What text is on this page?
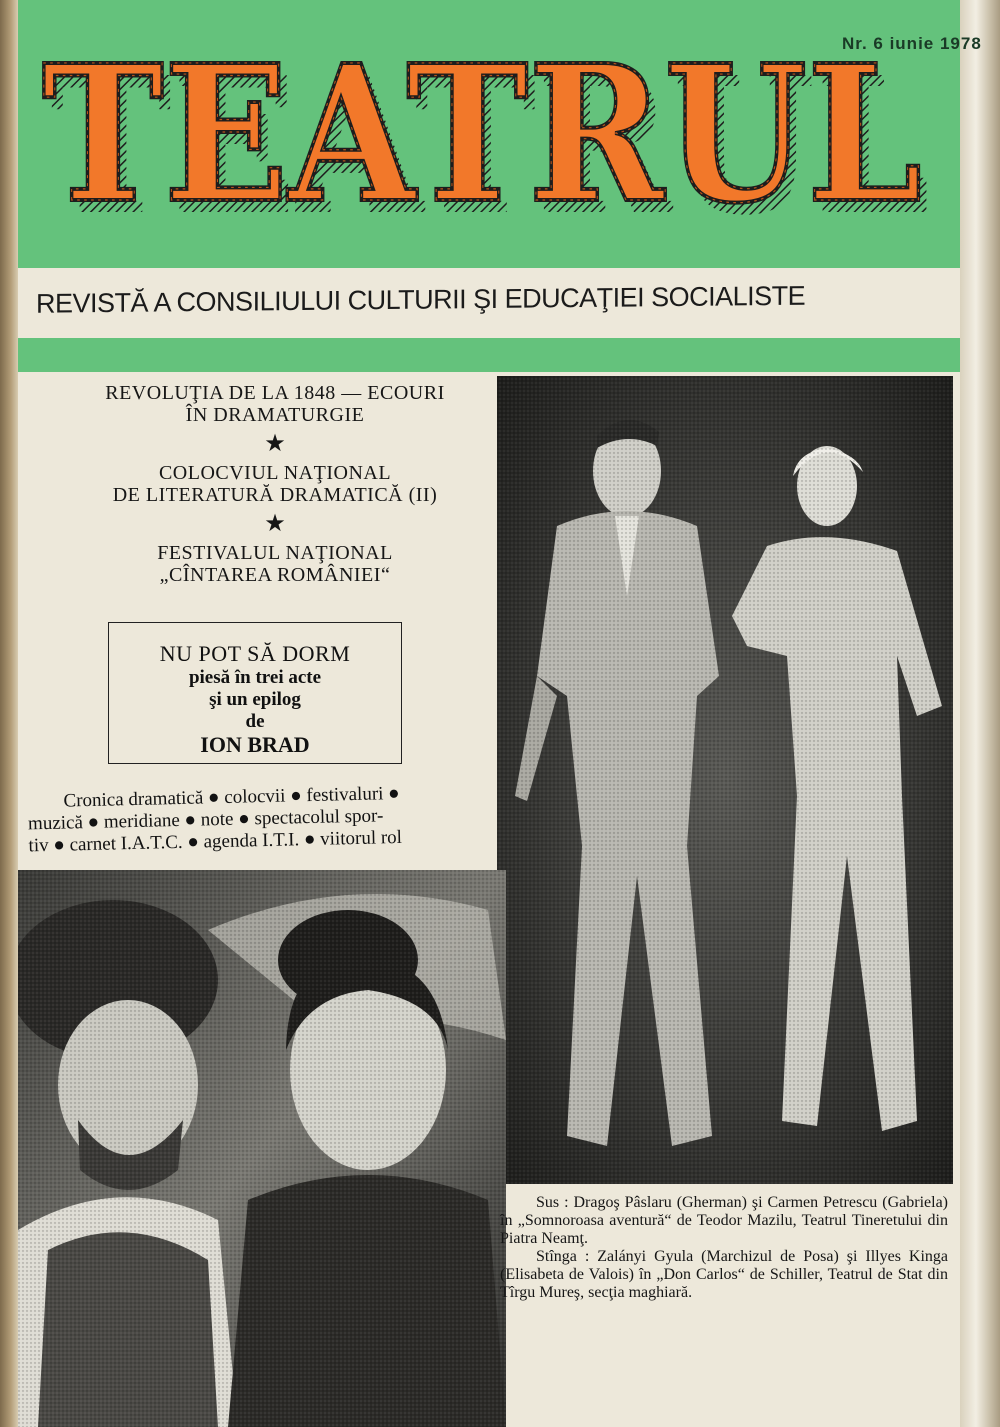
Nr. 6 iunie 1978
TEATRUL
TEATRUL
TEATRUL
REVISTĂ A CONSILIULUI CULTURII ŞI EDUCAŢIEI SOCIALISTE
REVOLUŢIA DE LA 1848 — ECOURI
ÎN DRAMATURGIE
★
COLOCVIUL NAŢIONAL
DE LITERATURĂ DRAMATICĂ (II)
★
FESTIVALUL NAŢIONAL
„CÎNTAREA ROMÂNIEI“
NU POT SĂ DORM
piesă în trei acte
şi un epilog
de
ION BRAD

Cronica dramatică ● colocvii ● festivaluri ●

muzică ● meridiane ● note ● spectacolul spor-

tiv ● carnet I.A.T.C. ● agenda I.T.I. ● viitorul rol

Sus : Dragoş Pâslaru (Gherman) şi Carmen Petrescu (Gabriela) în „Somnoroasa aventură“ de Teodor Mazilu, Teatrul Tineretului din Piatra Neamţ.

Stînga : Zalányi Gyula (Marchizul de Posa) şi Illyes Kinga (Elisabeta de Valois) în „Don Carlos“ de Schiller, Teatrul de Stat din Tîrgu Mureş, secţia maghiară.
